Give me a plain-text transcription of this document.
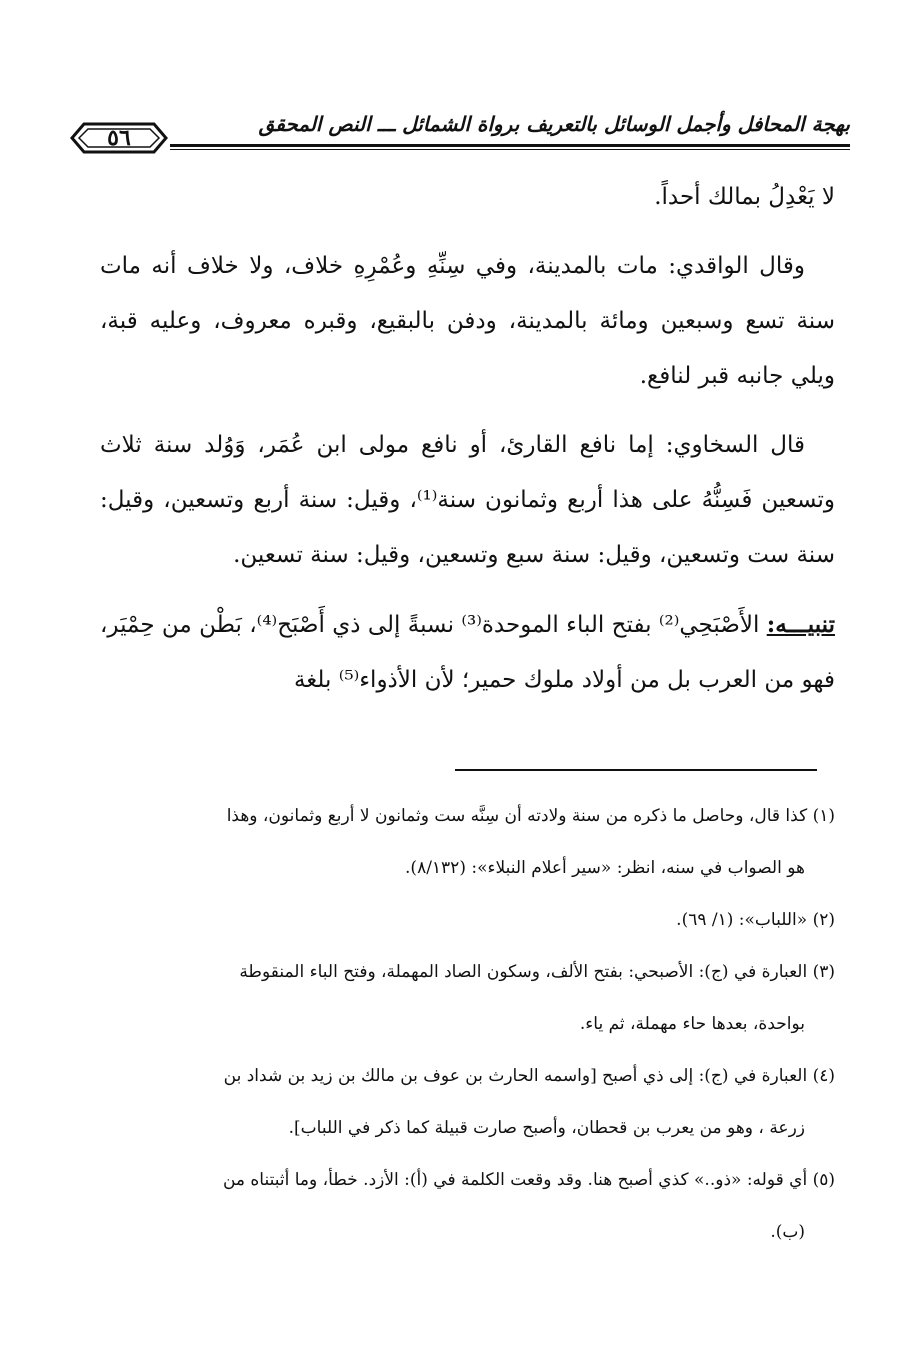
بهجة المحافل وأجمل الوسائل بالتعريف برواة الشمائل ـــ النص المحقق
٥٦

لا يَعْدِلُ بمالك أحداً.

وقال الواقدي: مات بالمدينة، وفي سِنِّهِ وعُمْرِهِ خلاف، ولا خلاف أنه مات سنة تسع وسبعين ومائة بالمدينة، ودفن بالبقيع، وقبره معروف، وعليه قبة، ويلي جانبه قبر لنافع.

قال السخاوي: إما نافع القارئ، أو نافع مولى ابن عُمَر، وَوُلد سنة ثلاث وتسعين فَسِنُّهُ على هذا أربع وثمانون سنة⁽¹⁾، وقيل: سنة أربع وتسعين، وقيل: سنة ست وتسعين، وقيل: سنة سبع وتسعين، وقيل: سنة تسعين.

تنبيـــه: الأَصْبَحِي⁽²⁾ بفتح الباء الموحدة⁽³⁾ نسبةً إلى ذي أَصْبَح⁽⁴⁾، بَطْن من حِمْيَر، فهو من العرب بل من أولاد ملوك حمير؛ لأن الأذواء⁽⁵⁾ بلغة

(١) كذا قال، وحاصل ما ذكره من سنة ولادته أن سِنَّه ست وثمانون لا أربع وثمانون، وهذا

هو الصواب في سنه، انظر: «سير أعلام النبلاء»: (٨/١٣٢).

(٢) «اللباب»: (١/ ٦٩).

(٣) العبارة في (ج): الأصبحي: بفتح الألف، وسكون الصاد المهملة، وفتح الباء المنقوطة

بواحدة، بعدها حاء مهملة، ثم ياء.

(٤) العبارة في (ج): إلى ذي أصبح [واسمه الحارث بن عوف بن مالك بن زيد بن شداد بن

زرعة ، وهو من يعرب بن قحطان، وأصبح صارت قبيلة كما ذكر في اللباب].

(٥) أي قوله: «ذو..» كذي أصبح هنا. وقد وقعت الكلمة في (أ): الأزد. خطأ، وما أثبتناه من

(ب).
